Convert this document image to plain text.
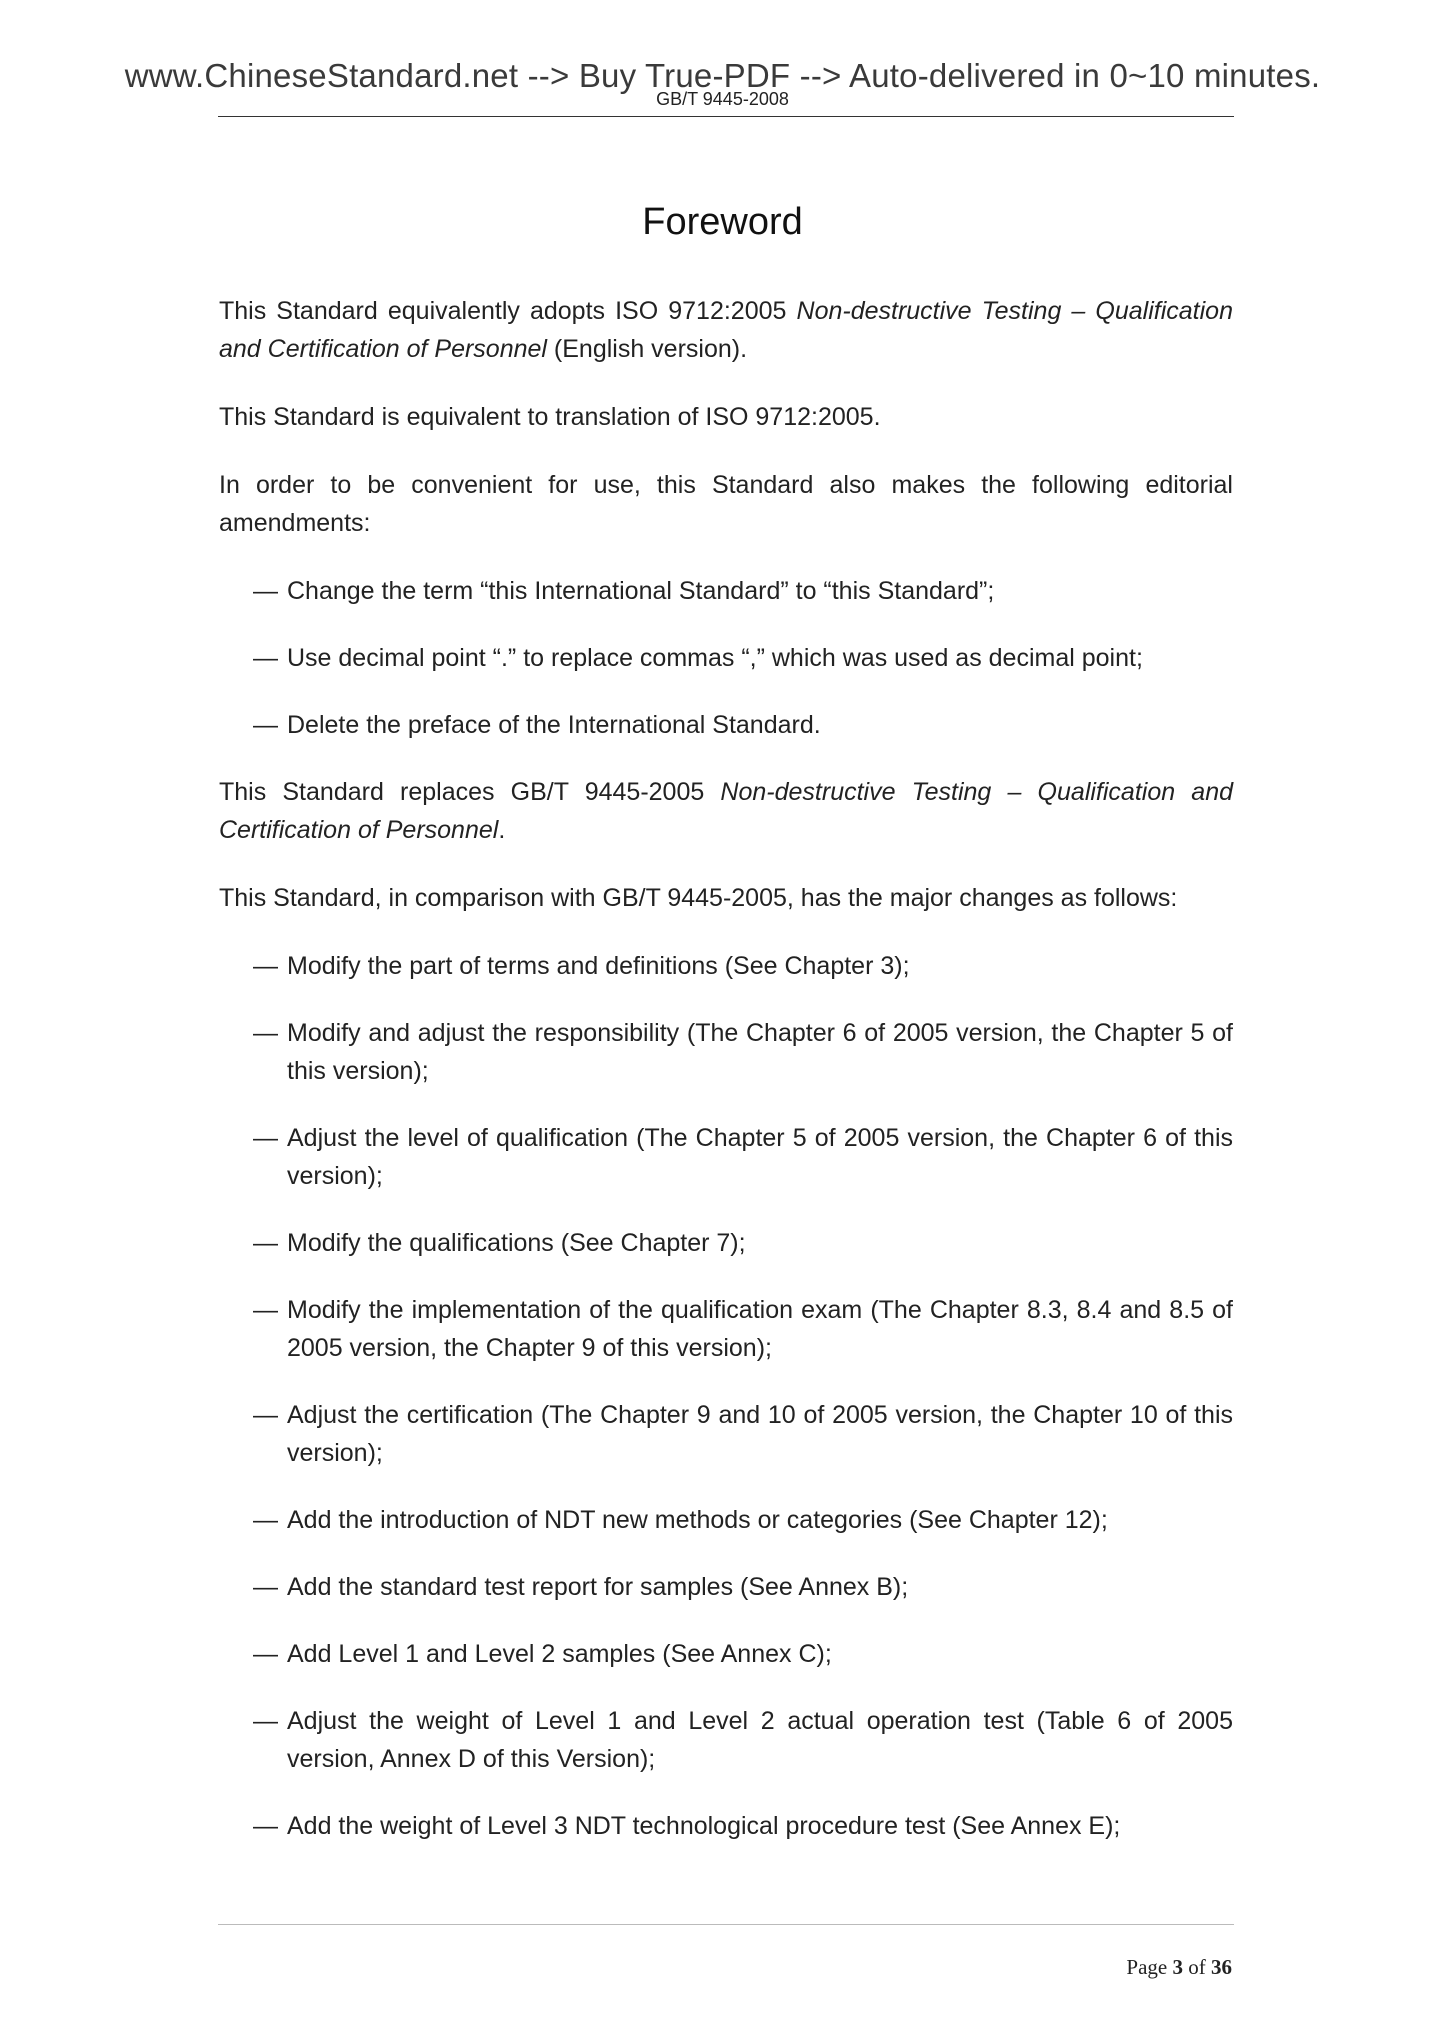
www.ChineseStandard.net --> Buy True-PDF --> Auto-delivered in 0~10 minutes.
GB/T 9445-2008
Foreword

This Standard equivalently adopts ISO 9712:2005 Non-destructive Testing – Qualification and Certification of Personnel (English version).

This Standard is equivalent to translation of ISO 9712:2005.

In order to be convenient for use, this Standard also makes the following editorial amendments:

— Change the term “this International Standard” to “this Standard”;
— Use decimal point “.” to replace commas “,” which was used as decimal point;
— Delete the preface of the International Standard.

This Standard replaces GB/T 9445-2005 Non-destructive Testing – Qualification and Certification of Personnel.

This Standard, in comparison with GB/T 9445-2005, has the major changes as follows:

— Modify the part of terms and definitions (See Chapter 3);
— Modify and adjust the responsibility (The Chapter 6 of 2005 version, the Chapter 5 of this version);
— Adjust the level of qualification (The Chapter 5 of 2005 version, the Chapter 6 of this version);
— Modify the qualifications (See Chapter 7);
— Modify the implementation of the qualification exam (The Chapter 8.3, 8.4 and 8.5 of 2005 version, the Chapter 9 of this version);
— Adjust the certification (The Chapter 9 and 10 of 2005 version, the Chapter 10 of this version);
— Add the introduction of NDT new methods or categories (See Chapter 12);
— Add the standard test report for samples (See Annex B);
— Add Level 1 and Level 2 samples (See Annex C);
— Adjust the weight of Level 1 and Level 2 actual operation test (Table 6 of 2005 version, Annex D of this Version);
— Add the weight of Level 3 NDT technological procedure test (See Annex E);
Page 3 of 36
